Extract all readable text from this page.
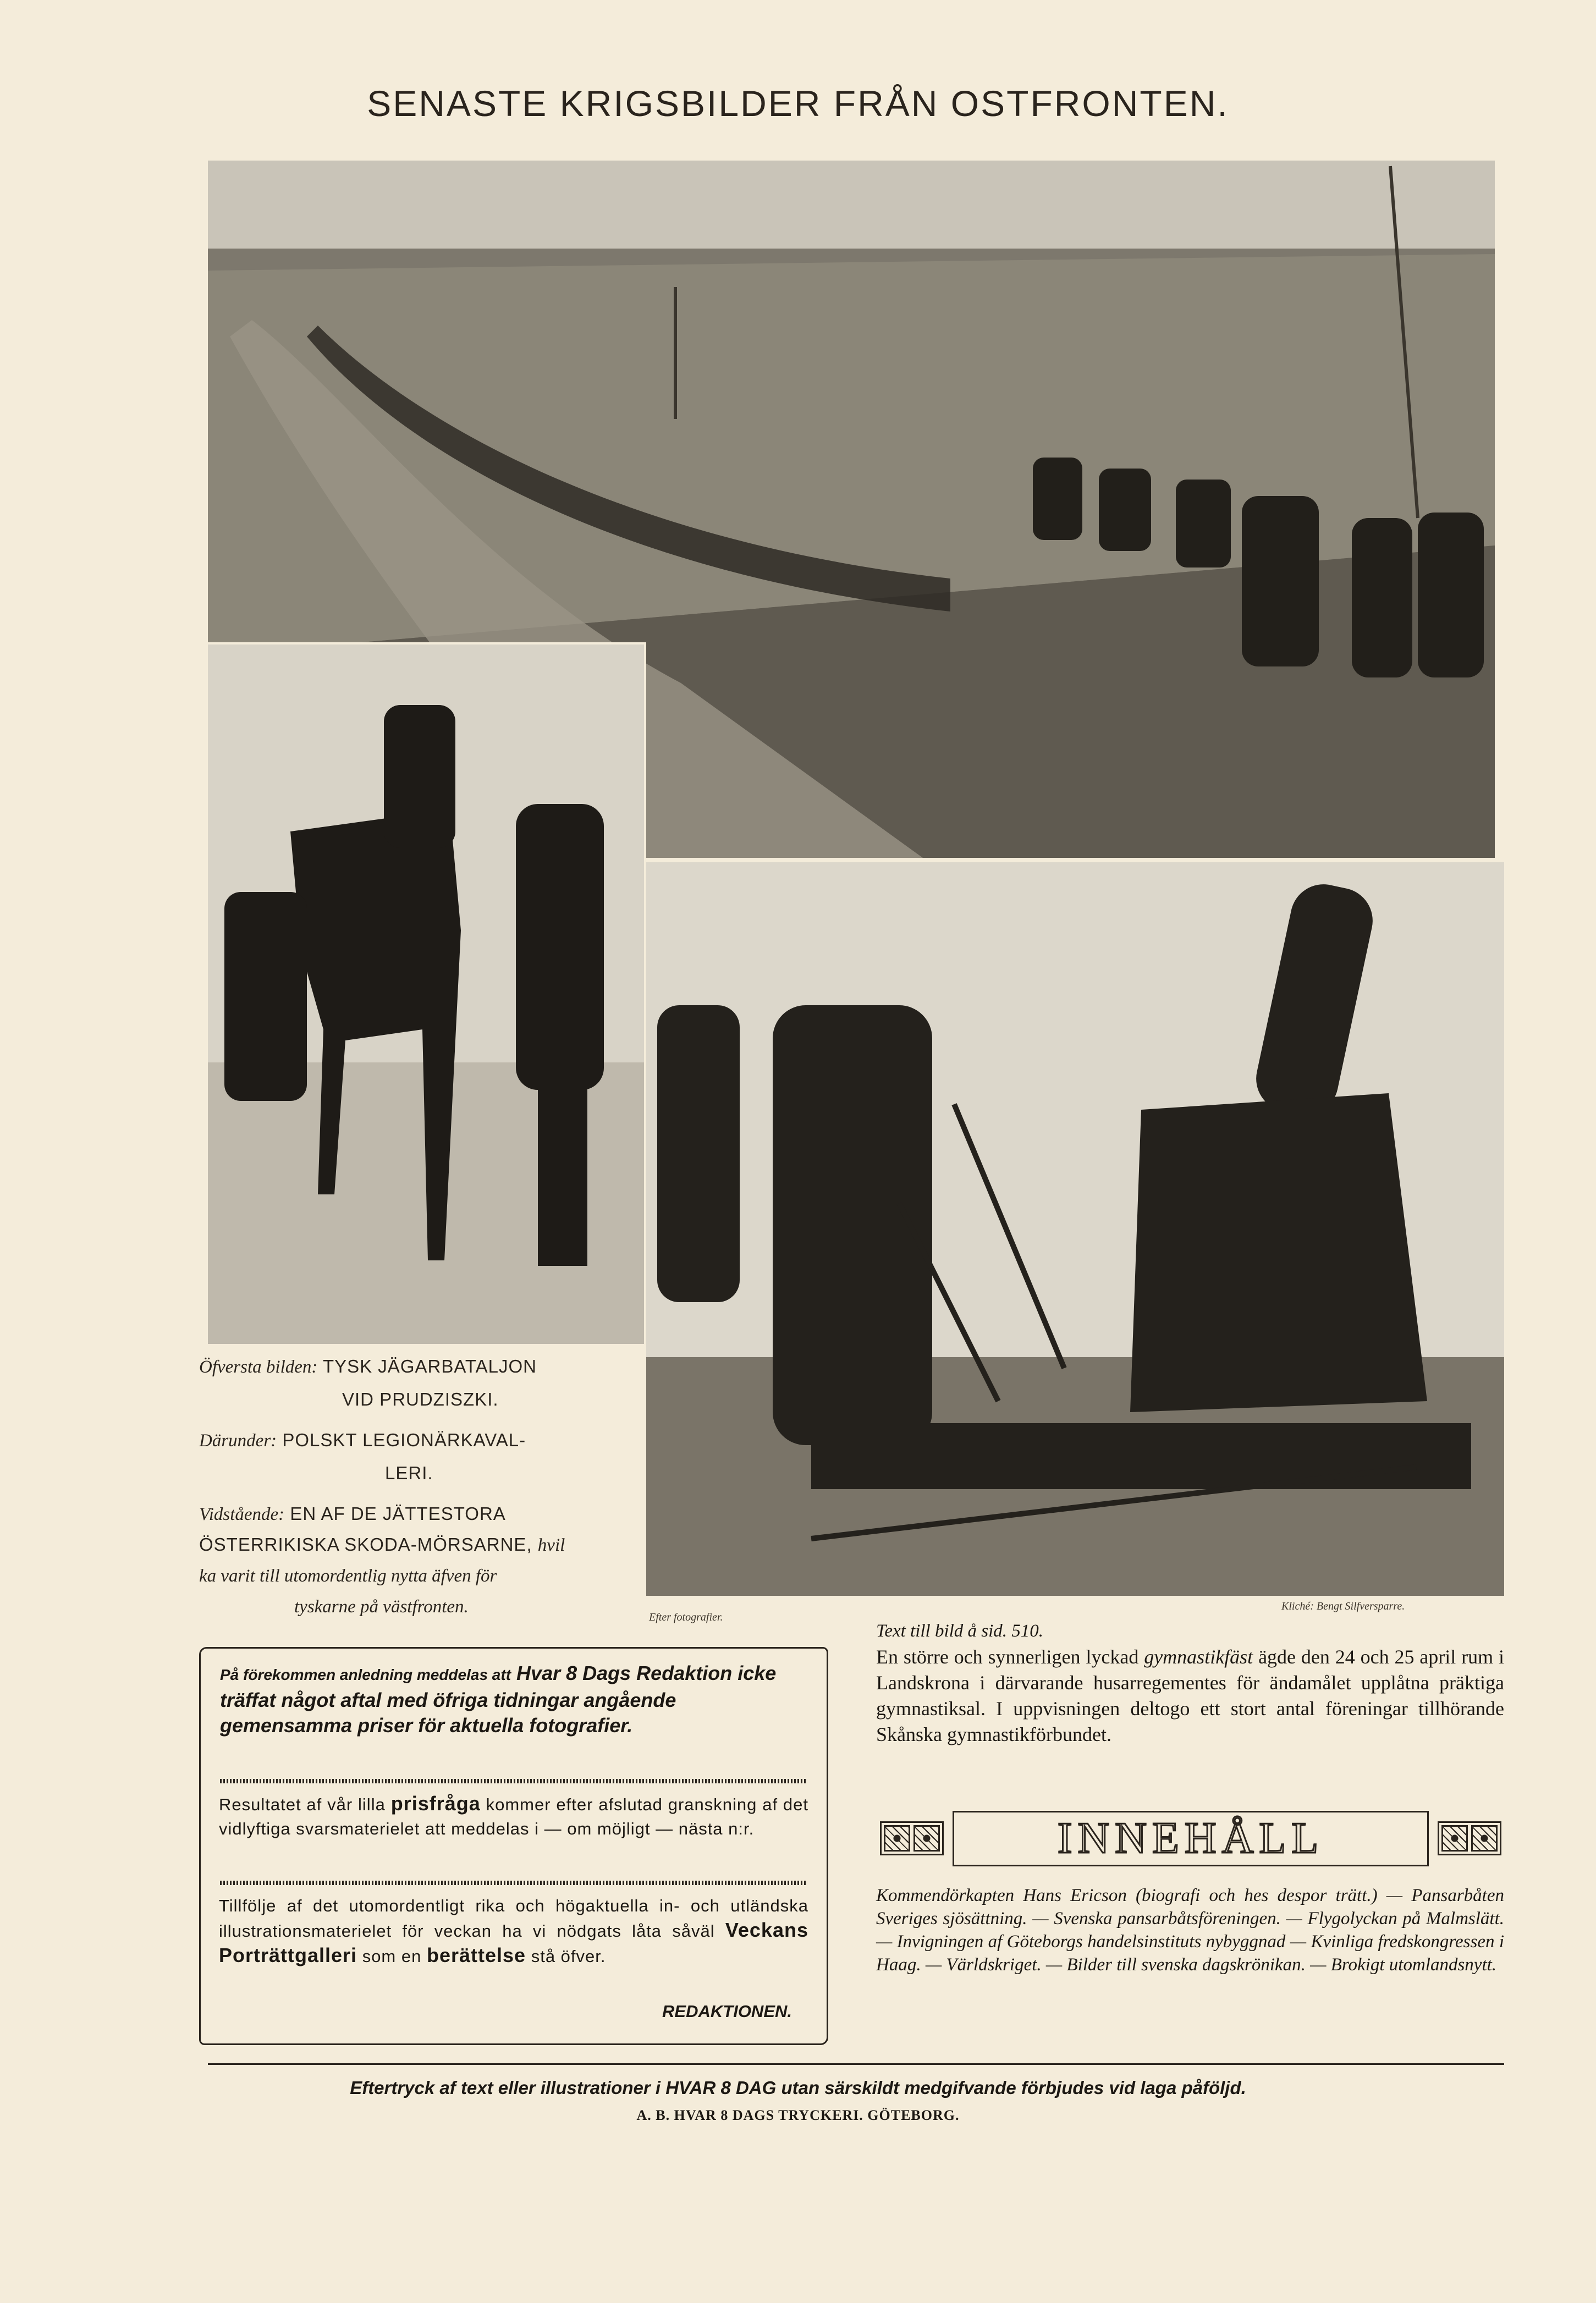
SENASTE KRIGSBILDER FRÅN OSTFRONTEN.
Öfversta bilden: TYSK JÄGARBATALJON
VID PRUDZISZKI.
Därunder: POLSKT LEGIONÄRKAVAL-
LERI.
Vidstående: EN AF DE JÄTTESTORA
ÖSTERRIKISKA SKODA-MÖRSARNE, hvil
ka varit till utomordentlig nytta äfven för
tyskarne på västfronten.
Efter fotografier.
Kliché: Bengt Silfversparre.
På förekommen anledning meddelas att Hvar 8 Dags Redaktion icke träffat något aftal med öfriga tidningar angående gemensamma priser för aktuella fotografier.
Resultatet af vår lilla prisfråga kommer efter afslutad granskning af det vidlyftiga svarsmaterielet att meddelas i — om möjligt — nästa n:r.
Tillfölje af det utomordentligt rika och högaktuella in- och utländska illustrationsmaterielet för veckan ha vi nödgats låta såväl Veckans Porträttgalleri som en berättelse stå öfver.
REDAKTIONEN.
Text till bild å sid. 510.
En större och synnerligen lyckad gymnastikfäst ägde den 24 och 25 april rum i Landskrona i därvarande husarregementes för ändamålet upplåtna präktiga gymnastiksal. I uppvisningen deltogo ett stort antal föreningar tillhörande Skånska gymnastikförbundet.
INNEHÅLL
Kommendörkapten Hans Ericson (biografi och hes despor trätt.) — Pansarbåten Sveriges sjösättning. — Svenska pansarbåtsföreningen. — Flygolyckan på Malmslätt. — Invigningen af Göteborgs handelsinstituts nybyggnad — Kvinliga fredskongressen i Haag. — Världskriget. — Bilder till svenska dagskrönikan. — Brokigt utomlandsnytt.
Eftertryck af text eller illustrationer i HVAR 8 DAG utan särskildt medgifvande förbjudes vid laga påföljd.
A. B. HVAR 8 DAGS TRYCKERI. GÖTEBORG.
